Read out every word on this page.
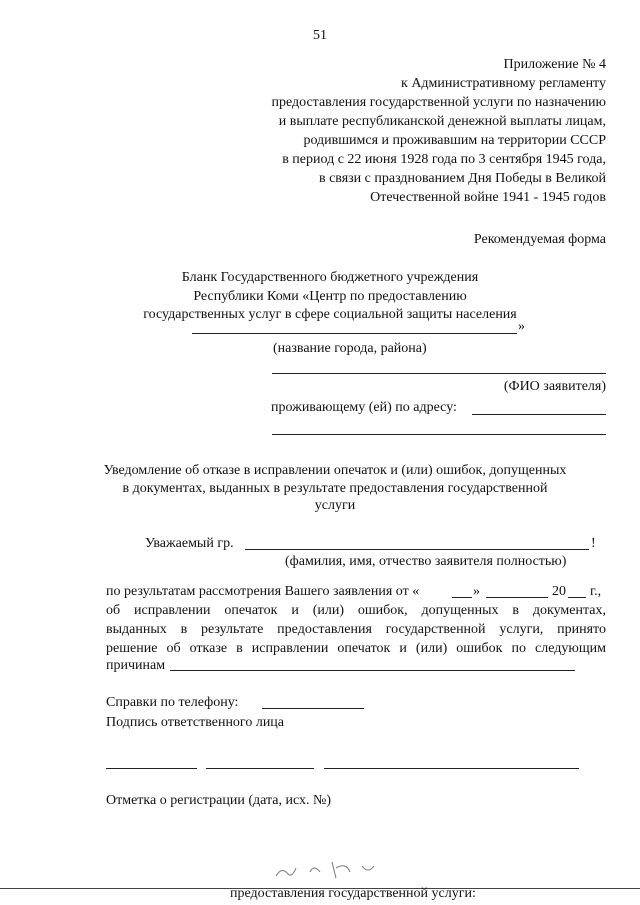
51
Приложение № 4
к Административному регламенту
предоставления государственной услуги по назначению
и выплате республиканской денежной выплаты лицам,
родившимся и проживавшим на территории СССР
в период с 22 июня 1928 года по 3 сентября 1945 года,
в связи с празднованием Дня Победы в Великой
Отечественной войне 1941 - 1945 годов
Рекомендуемая форма
Бланк Государственного бюджетного учреждения
Республики Коми «Центр по предоставлению
государственных услуг в сфере социальной защиты населения
»
(название города, района)
(ФИО заявителя)
проживающему (ей) по адресу:
Уведомление об отказе в исправлении опечаток и (или) ошибок, допущенных
в документах, выданных в результате предоставления государственной
услуги
Уважаемый гр.	!
(фамилия, имя, отчество заявителя полностью)
по результатам рассмотрения Вашего заявления от «	»	20 г.,
об исправлении опечаток и (или) ошибок, допущенных в документах,
выданных в результате предоставления государственной услуги, принято
решение об отказе в исправлении опечаток и (или) ошибок по следующим
причинам
Справки по телефону:
Подпись ответственного лица
Отметка о регистрации (дата, исх. №)
предоставления государственной услуги:
